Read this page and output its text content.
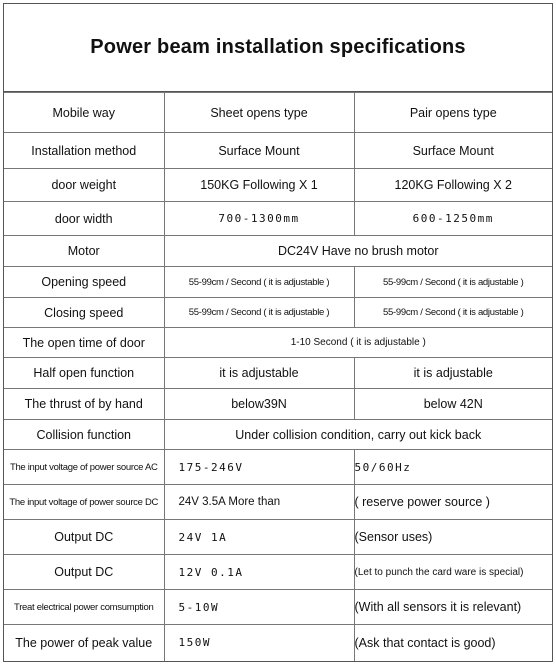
Power beam installation specifications
Mobile way	Sheet opens type	Pair opens type
Installation method	Surface Mount	Surface Mount
door weight	150KG Following X 1	120KG Following X 2
door width	700-1300mm	600-1250mm
Motor	DC24V Have no brush motor	
Opening speed	55-99cm / Second ( it is adjustable )	55-99cm / Second ( it is adjustable )
Closing speed	55-99cm / Second ( it is adjustable )	55-99cm / Second ( it is adjustable )
The open time of door	1-10 Second ( it is adjustable )	
Half open function	it is adjustable	it is adjustable
The thrust of by hand	below39N	below 42N
Collision function	Under collision condition, carry out kick back	
The input voltage of power source AC	175-246V	50/60Hz
The input voltage of power source DC	24V 3.5A More than	( reserve power source )
Output DC	24V 1A	(Sensor uses)
Output DC	12V 0.1A	(Let to punch the card ware is special)
Treat electrical power comsumption	5-10W	(With all sensors it is relevant)
The power of peak value	150W	(Ask that contact is good)
